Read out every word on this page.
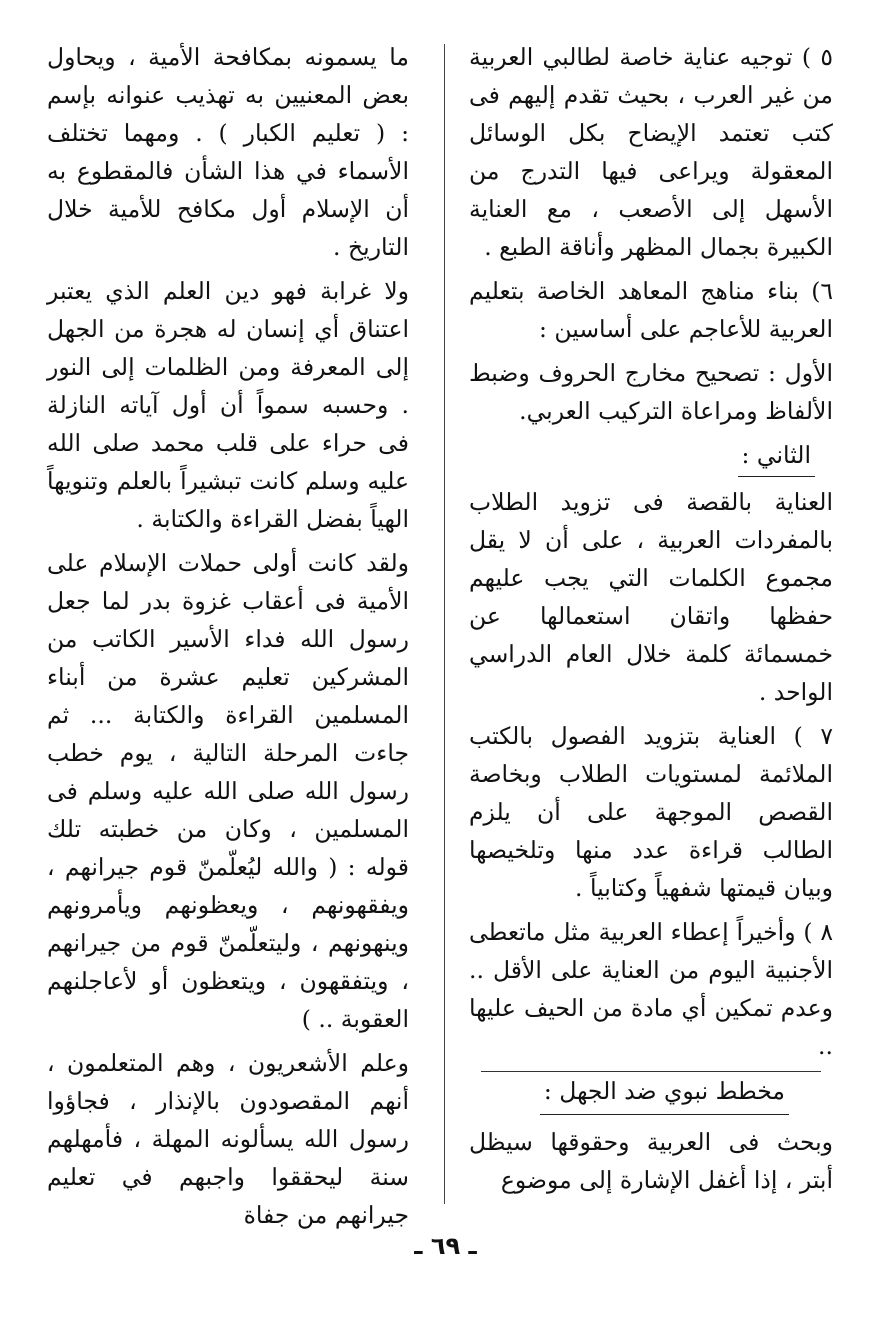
٥ ) توجيه عناية خاصة لطالبي العربية من غير العرب ، بحيث تقدم إليهم فى كتب تعتمد الإيضاح بكل الوسائل المعقولة ويراعى فيها التدرج من الأسهل إلى الأصعب ، مع العناية الكبيرة بجمال المظهر وأناقة الطبع .
٦) بناء مناهج المعاهد الخاصة بتعليم العربية للأعاجم على أساسين :
الأول : تصحيح مخارج الحروف وضبط الألفاظ ومراعاة التركيب العربي.
الثاني :
العناية بالقصة فى تزويد الطلاب بالمفردات العربية ، على أن لا يقل مجموع الكلمات التي يجب عليهم حفظها واتقان استعمالها عن خمسمائة كلمة خلال العام الدراسي الواحد .
٧ ) العناية بتزويد الفصول بالكتب الملائمة لمستويات الطلاب وبخاصة القصص الموجهة على أن يلزم الطالب قراءة عدد منها وتلخيصها وبيان قيمتها شفهياً وكتابياً .
٨ ) وأخيراً إعطاء العربية مثل ماتعطى الأجنبية اليوم من العناية على الأقل .. وعدم تمكين أي مادة من الحيف عليها ..
مخطط نبوي ضد الجهل :
وبحث فى العربية وحقوقها سيظل أبتر ، إذا أغفل الإشارة إلى موضوع
ما يسمونه بمكافحة الأمية ، ويحاول بعض المعنيين به تهذيب عنوانه بإسم : ( تعليم الكبار ) . ومهما تختلف الأسماء في هذا الشأن فالمقطوع به أن الإسلام أول مكافح للأمية خلال التاريخ .
ولا غرابة فهو دين العلم الذي يعتبر اعتناق أي إنسان له هجرة من الجهل إلى المعرفة ومن الظلمات إلى النور . وحسبه سمواً أن أول آياته النازلة فى حراء على قلب محمد صلى الله عليه وسلم كانت تبشيراً بالعلم وتنويهاً الهياً بفضل القراءة والكتابة .
ولقد كانت أولى حملات الإسلام على الأمية فى أعقاب غزوة بدر لما جعل رسول الله فداء الأسير الكاتب من المشركين تعليم عشرة من أبناء المسلمين القراءة والكتابة ... ثم جاءت المرحلة التالية ، يوم خطب رسول الله صلى الله عليه وسلم فى المسلمين ، وكان من خطبته تلك قوله : ( والله ليُعلّمنّ قوم جيرانهم ، ويفقهونهم ، ويعظونهم ويأمرونهم وينهونهم ، وليتعلّمنّ قوم من جيرانهم ، ويتفقهون ، ويتعظون أو لأعاجلنهم العقوبة .. )
وعلم الأشعريون ، وهم المتعلمون ، أنهم المقصودون بالإنذار ، فجاؤوا رسول الله يسألونه المهلة ، فأمهلهم سنة ليحققوا واجبهم في تعليم جيرانهم من جفاة
ـ ٦٩ ـ
